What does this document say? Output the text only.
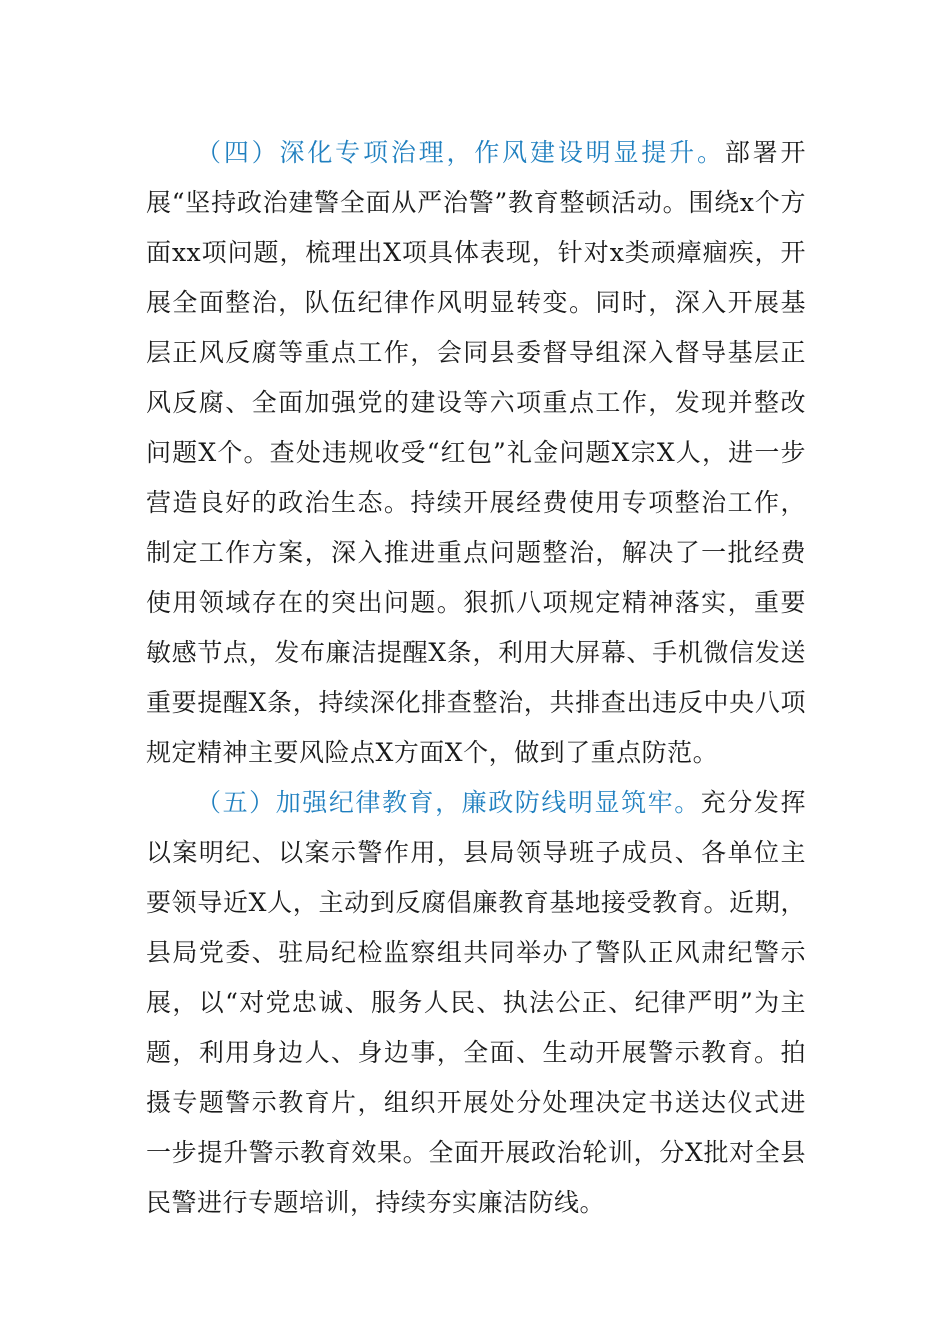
（四）深化专项治理，作风建设明显提升。部署开展“坚持政治建警全面从严治警”教育整顿活动。围绕x个方面xx项问题，梳理出X项具体表现，针对x类顽瘴痼疾，开展全面整治，队伍纪律作风明显转变。同时，深入开展基层正风反腐等重点工作，会同县委督导组深入督导基层正风反腐、全面加强党的建设等六项重点工作，发现并整改问题X个。查处违规收受“红包”礼金问题X宗X人，进一步营造良好的政治生态。持续开展经费使用专项整治工作，制定工作方案，深入推进重点问题整治，解决了一批经费使用领域存在的突出问题。狠抓八项规定精神落实，重要敏感节点，发布廉洁提醒X条，利用大屏幕、手机微信发送重要提醒X条，持续深化排查整治，共排查出违反中央八项规定精神主要风险点X方面X个，做到了重点防范。

（五）加强纪律教育，廉政防线明显筑牢。充分发挥以案明纪、以案示警作用，县局领导班子成员、各单位主要领导近X人，主动到反腐倡廉教育基地接受教育。近期，县局党委、驻局纪检监察组共同举办了警队正风肃纪警示展，以“对党忠诚、服务人民、执法公正、纪律严明”为主题，利用身边人、身边事，全面、生动开展警示教育。拍摄专题警示教育片，组织开展处分处理决定书送达仪式进一步提升警示教育效果。全面开展政治轮训，分X批对全县民警进行专题培训，持续夯实廉洁防线。
